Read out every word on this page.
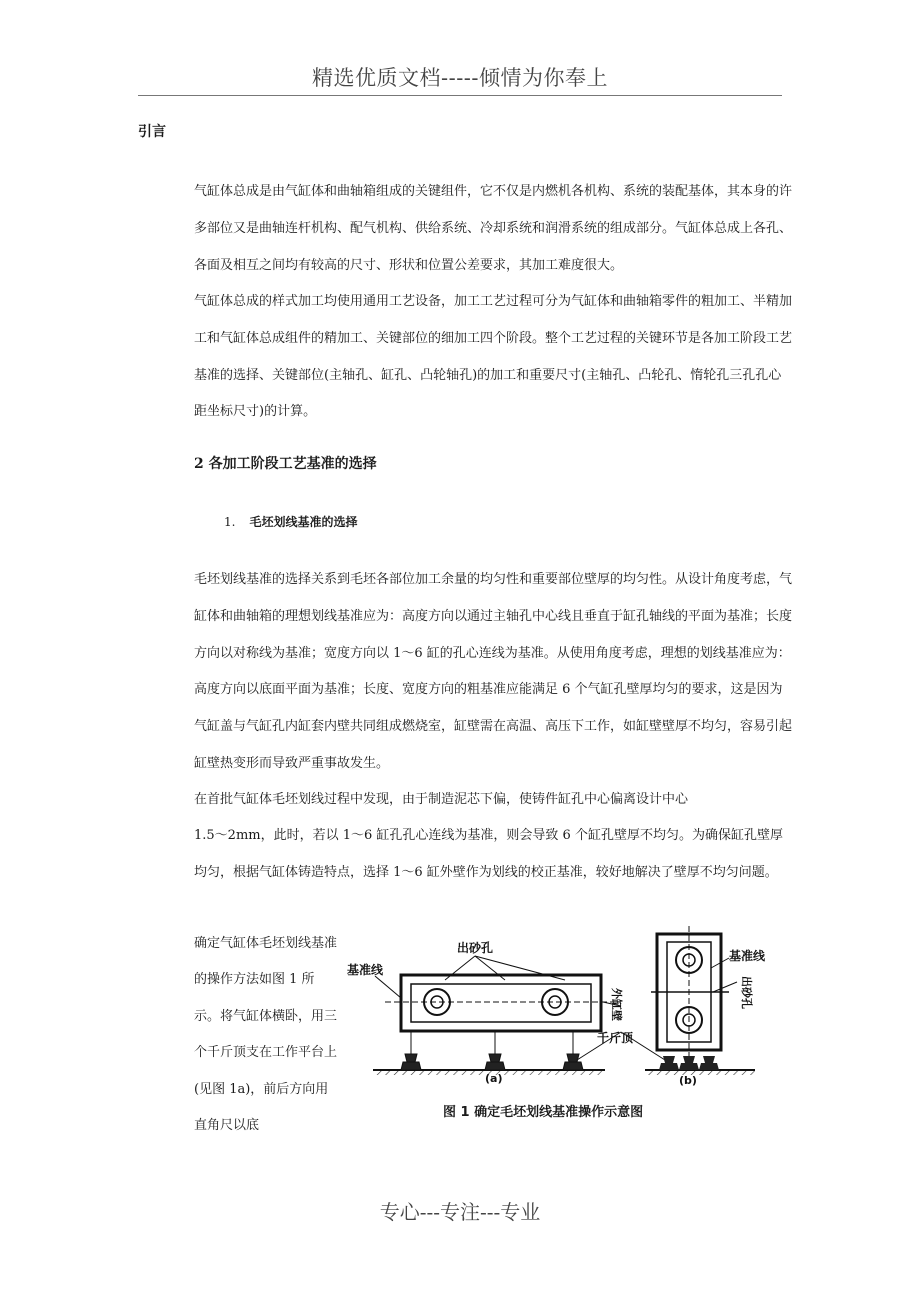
精选优质文档-----倾情为你奉上
引言

气缸体总成是由气缸体和曲轴箱组成的关键组件，它不仅是内燃机各机构、系统的装配基体，其本身的许多部位又是曲轴连杆机构、配气机构、供给系统、冷却系统和润滑系统的组成部分。气缸体总成上各孔、各面及相互之间均有较高的尺寸、形状和位置公差要求，其加工难度很大。

气缸体总成的样式加工均使用通用工艺设备，加工工艺过程可分为气缸体和曲轴箱零件的粗加工、半精加工和气缸体总成组件的精加工、关键部位的细加工四个阶段。整个工艺过程的关键环节是各加工阶段工艺基准的选择、关键部位(主轴孔、缸孔、凸轮轴孔)的加工和重要尺寸(主轴孔、凸轮孔、惰轮孔三孔孔心距坐标尺寸)的计算。

2 各加工阶段工艺基准的选择
1. 毛坯划线基准的选择

毛坯划线基准的选择关系到毛坯各部位加工余量的均匀性和重要部位壁厚的均匀性。从设计角度考虑，气缸体和曲轴箱的理想划线基准应为：高度方向以通过主轴孔中心线且垂直于缸孔轴线的平面为基准；长度方向以对称线为基准；宽度方向以 1～6 缸的孔心连线为基准。从使用角度考虑，理想的划线基准应为：高度方向以底面平面为基准；长度、宽度方向的粗基准应能满足 6 个气缸孔壁厚均匀的要求，这是因为气缸盖与气缸孔内缸套内壁共同组成燃烧室，缸壁需在高温、高压下工作，如缸壁壁厚不均匀，容易引起缸壁热变形而导致严重事故发生。

在首批气缸体毛坯划线过程中发现，由于制造泥芯下偏，使铸件缸孔中心偏离设计中心

1.5～2mm，此时，若以 1～6 缸孔孔心连线为基准，则会导致 6 个缸孔壁厚不均匀。为确保缸孔壁厚均匀，根据气缸体铸造特点，选择 1～6 缸外壁作为划线的校正基准，较好地解决了壁厚不均匀问题。

确定气缸体毛坯划线基准的操作方法如图 1 所示。将气缸体横卧，用三个千斤顶支在工作平台上(见图 1a)，前后方向用直角尺以底

出砂孔
基准线
外缸壁
千斤顶
(a)
基准线
出砂孔
(b)
图 1 确定毛坯划线基准操作示意图
专心---专注---专业
